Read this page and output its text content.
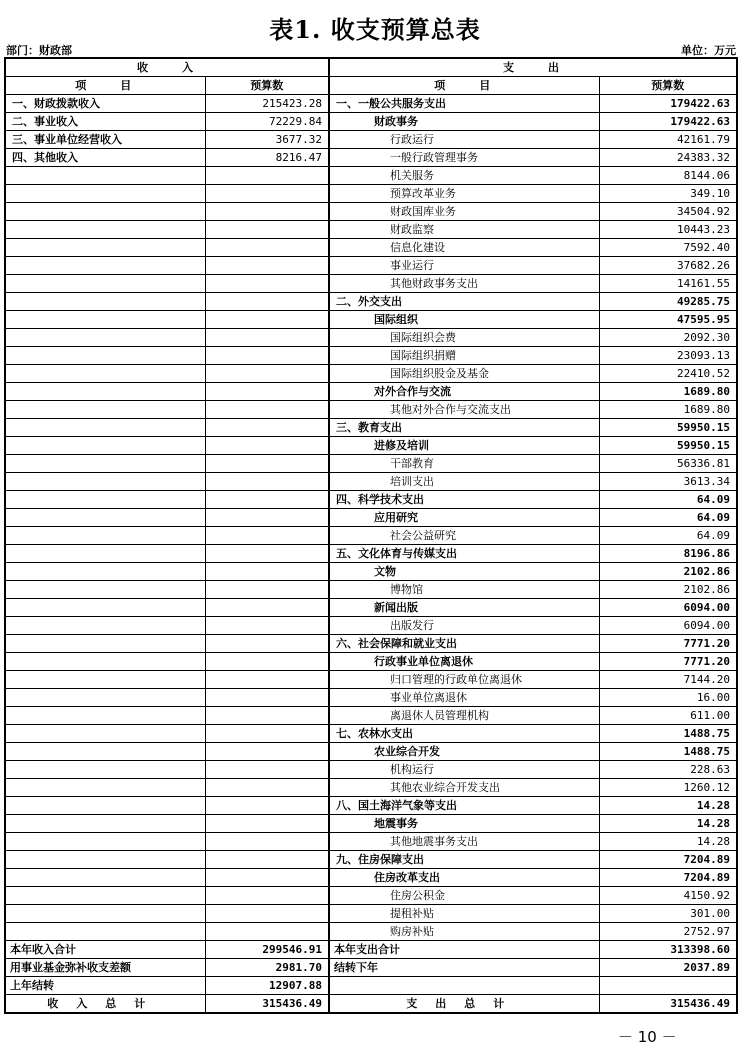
表1. 收支预算总表
部门：财政部	单位：万元
收　　入		支　　出	
项　　目	预算数	项　　目	预算数
一、财政拨款收入	215423.28	一、一般公共服务支出	179422.63
二、事业收入	72229.84	财政事务	179422.63
三、事业单位经营收入	3677.32	行政运行	42161.79
四、其他收入	8216.47	一般行政管理事务	24383.32
		机关服务	8144.06
		预算改革业务	349.10
		财政国库业务	34504.92
		财政监察	10443.23
		信息化建设	7592.40
		事业运行	37682.26
		其他财政事务支出	14161.55
		二、外交支出	49285.75
		国际组织	47595.95
		国际组织会费	2092.30
		国际组织捐赠	23093.13
		国际组织股金及基金	22410.52
		对外合作与交流	1689.80
		其他对外合作与交流支出	1689.80
		三、教育支出	59950.15
		进修及培训	59950.15
		干部教育	56336.81
		培训支出	3613.34
		四、科学技术支出	64.09
		应用研究	64.09
		社会公益研究	64.09
		五、文化体育与传媒支出	8196.86
		文物	2102.86
		博物馆	2102.86
		新闻出版	6094.00
		出版发行	6094.00
		六、社会保障和就业支出	7771.20
		行政事业单位离退休	7771.20
		归口管理的行政单位离退休	7144.20
		事业单位离退休	16.00
		离退休人员管理机构	611.00
		七、农林水支出	1488.75
		农业综合开发	1488.75
		机构运行	228.63
		其他农业综合开发支出	1260.12
		八、国土海洋气象等支出	14.28
		地震事务	14.28
		其他地震事务支出	14.28
		九、住房保障支出	7204.89
		住房改革支出	7204.89
		住房公积金	4150.92
		提租补贴	301.00
		购房补贴	2752.97
本年收入合计	299546.91	本年支出合计	313398.60
用事业基金弥补收支差额	2981.70	结转下年	2037.89
上年结转	12907.88		
收入总计	315436.49	支出总计	315436.49
－ 10 －
